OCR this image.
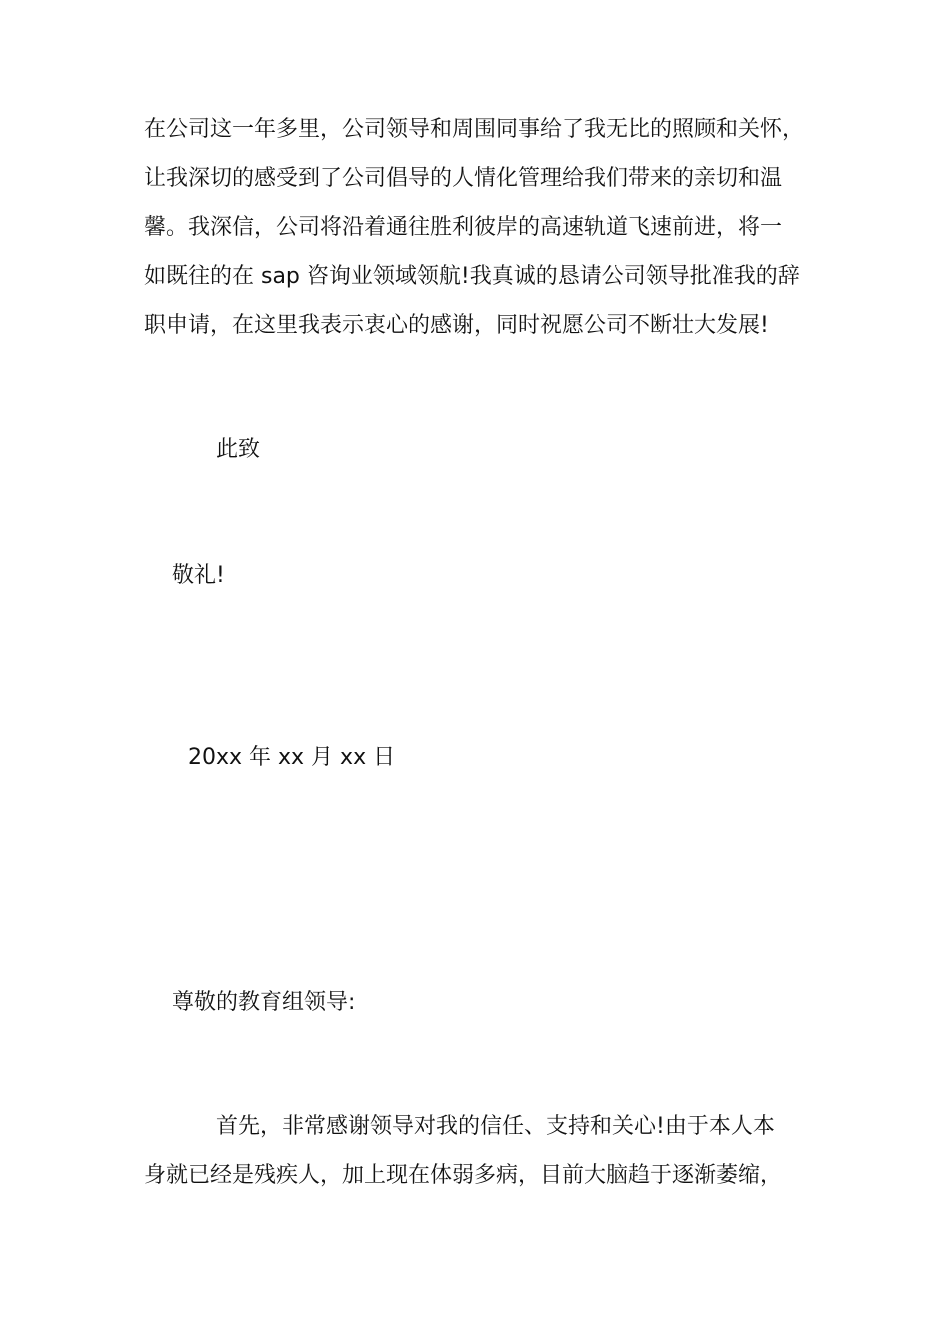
在公司这一年多里，公司领导和周围同事给了我无比的照顾和关怀，
让我深切的感受到了公司倡导的人情化管理给我们带来的亲切和温
馨。我深信，公司将沿着通往胜利彼岸的高速轨道飞速前进，将一
如既往的在 sap 咨询业领域领航!我真诚的恳请公司领导批准我的辞
职申请，在这里我表示衷心的感谢，同时祝愿公司不断壮大发展!
此致
敬礼!
20xx 年 xx 月 xx 日
尊敬的教育组领导:
首先，非常感谢领导对我的信任、支持和关心!由于本人本
身就已经是残疾人，加上现在体弱多病，目前大脑趋于逐渐萎缩，
